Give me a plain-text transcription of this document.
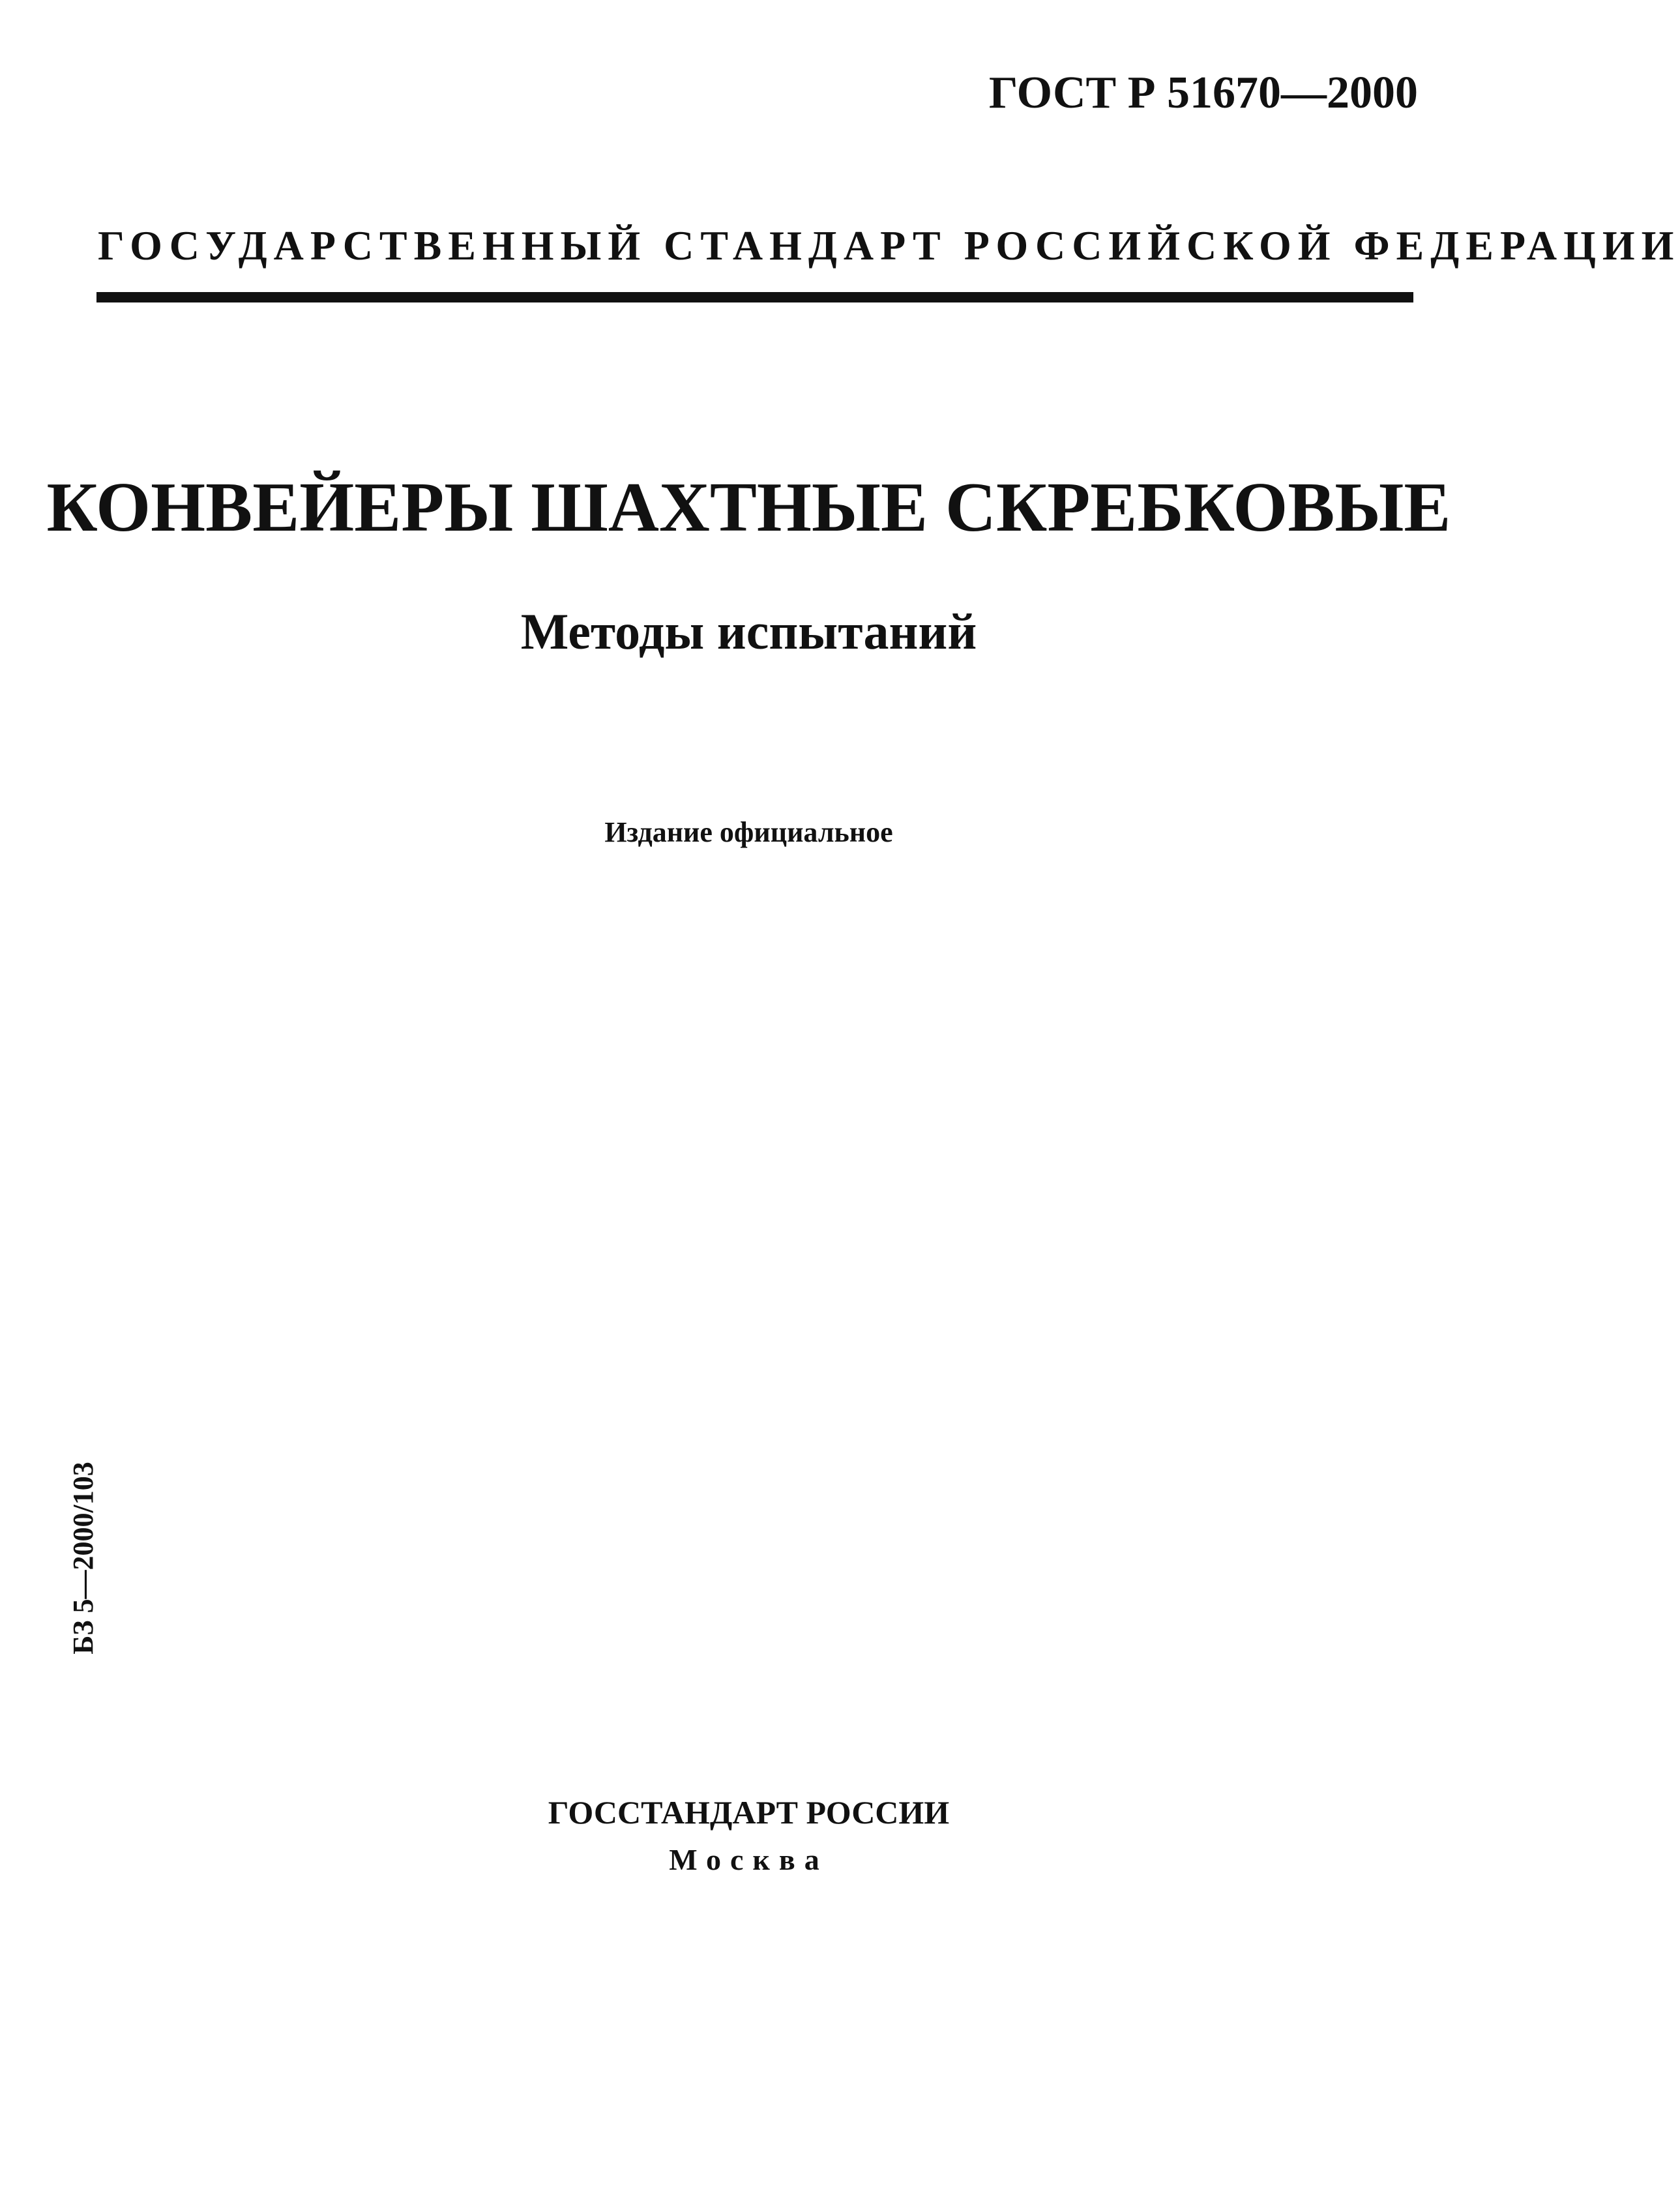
ГОСТ Р 51670—2000
ГОСУДАРСТВЕННЫЙ СТАНДАРТ РОССИЙСКОЙ ФЕДЕРАЦИИ
КОНВЕЙЕРЫ ШАХТНЫЕ СКРЕБКОВЫЕ
Методы испытаний
Издание официальное
БЗ 5—2000/103
ГОССТАНДАРТ РОССИИ
Москва
